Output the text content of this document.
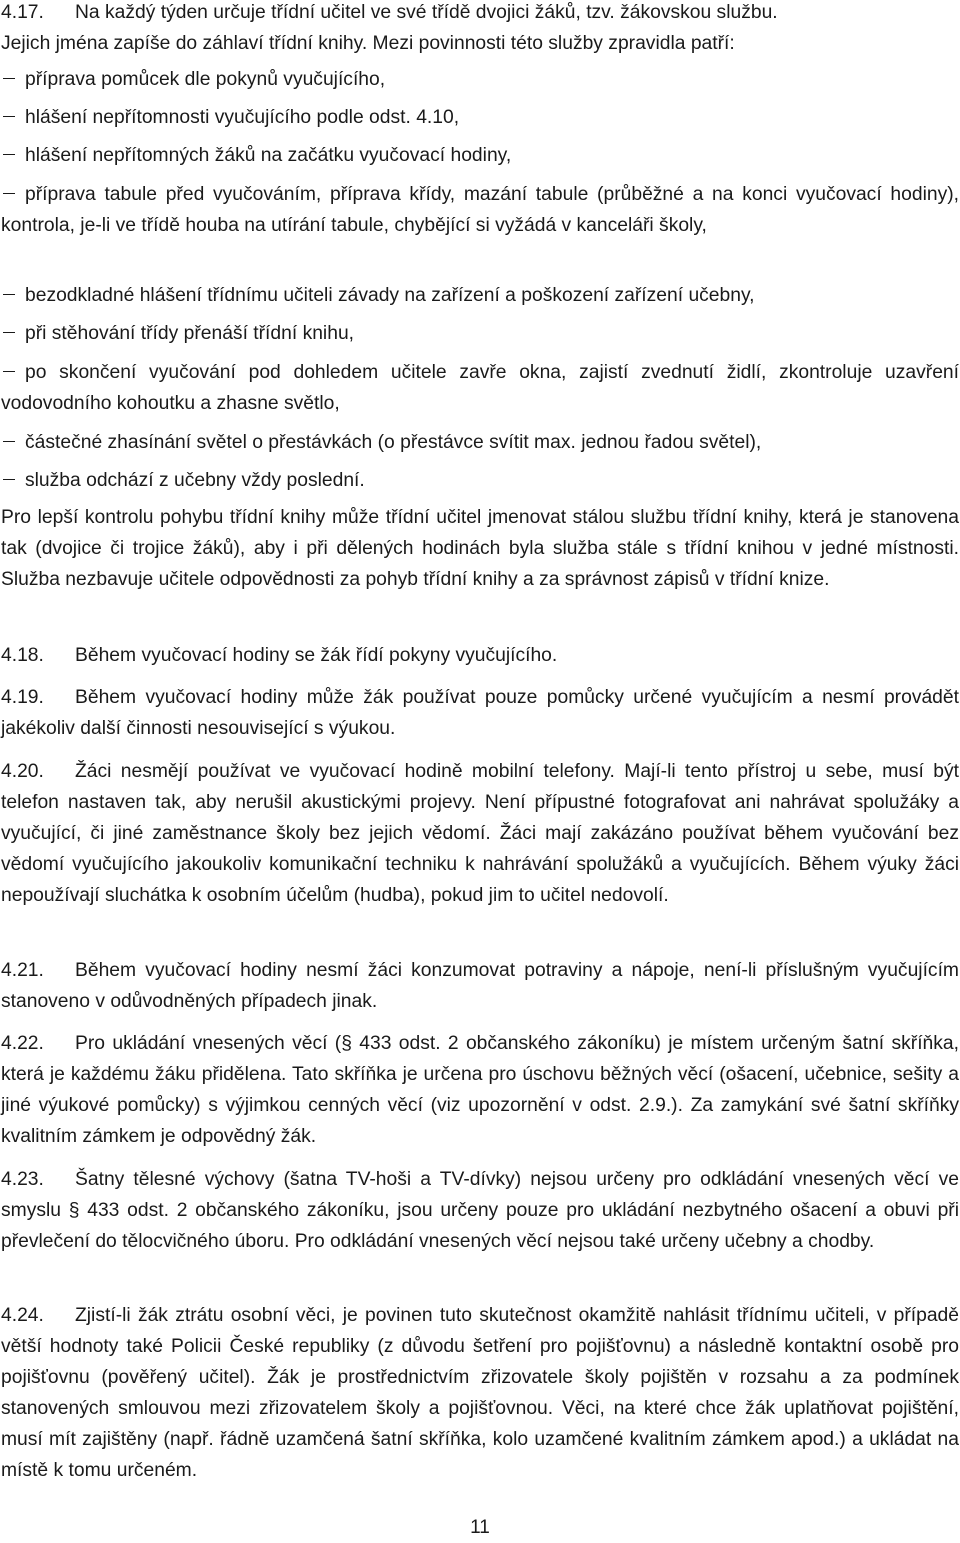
4.17. Na každý týden určuje třídní učitel ve své třídě dvojici žáků, tzv. žákovskou službu.
Jejich jména zapíše do záhlaví třídní knihy. Mezi povinnosti této služby zpravidla patří:
příprava pomůcek dle pokynů vyučujícího,
hlášení nepřítomnosti vyučujícího podle odst. 4.10,
hlášení nepřítomných žáků na začátku vyučovací hodiny,
příprava tabule před vyučováním, příprava křídy, mazání tabule (průběžné a na konci vyučovací hodiny), kontrola, je-li ve třídě houba na utírání tabule, chybějící si vyžádá v kanceláři školy,
bezodkladné hlášení třídnímu učiteli závady na zařízení a poškození zařízení učebny,
při stěhování třídy přenáší třídní knihu,
po skončení vyučování pod dohledem učitele zavře okna, zajistí zvednutí židlí, zkontroluje uzavření vodovodního kohoutku a zhasne světlo,
částečné zhasínání světel o přestávkách (o přestávce svítit max. jednou řadou světel),
služba odchází z učebny vždy poslední.
Pro lepší kontrolu pohybu třídní knihy může třídní učitel jmenovat stálou službu třídní knihy, která je stanovena tak (dvojice či trojice žáků), aby i při dělených hodinách byla služba stále s třídní knihou v jedné místnosti. Služba nezbavuje učitele odpovědnosti za pohyb třídní knihy a za správnost zápisů v třídní knize.
4.18. Během vyučovací hodiny se žák řídí pokyny vyučujícího.
4.19. Během vyučovací hodiny může žák používat pouze pomůcky určené vyučujícím a nesmí provádět jakékoliv další činnosti nesouvisející s výukou.
4.20. Žáci nesmějí používat ve vyučovací hodině mobilní telefony. Mají-li tento přístroj u sebe, musí být telefon nastaven tak, aby nerušil akustickými projevy. Není přípustné fotografovat ani nahrávat spolužáky a vyučující, či jiné zaměstnance školy bez jejich vědomí. Žáci mají zakázáno používat během vyučování bez vědomí vyučujícího jakoukoliv komunikační techniku k nahrávání spolužáků a vyučujících. Během výuky žáci nepoužívají sluchátka k osobním účelům (hudba), pokud jim to učitel nedovolí.
4.21. Během vyučovací hodiny nesmí žáci konzumovat potraviny a nápoje, není-li příslušným vyučujícím stanoveno v odůvodněných případech jinak.
4.22. Pro ukládání vnesených věcí (§ 433 odst. 2 občanského zákoníku) je místem určeným šatní skříňka, která je každému žáku přidělena. Tato skříňka je určena pro úschovu běžných věcí (ošacení, učebnice, sešity a jiné výukové pomůcky) s výjimkou cenných věcí (viz upozornění v odst. 2.9.). Za zamykání své šatní skříňky kvalitním zámkem je odpovědný žák.
4.23. Šatny tělesné výchovy (šatna TV-hoši a TV-dívky) nejsou určeny pro odkládání vnesených věcí ve smyslu § 433 odst. 2 občanského zákoníku, jsou určeny pouze pro ukládání nezbytného ošacení a obuvi při převlečení do tělocvičného úboru. Pro odkládání vnesených věcí nejsou také určeny učebny a chodby.
4.24. Zjistí-li žák ztrátu osobní věci, je povinen tuto skutečnost okamžitě nahlásit třídnímu učiteli, v případě větší hodnoty také Policii České republiky (z důvodu šetření pro pojišťovnu) a následně kontaktní osobě pro pojišťovnu (pověřený učitel). Žák je prostřednictvím zřizovatele školy pojištěn v rozsahu a za podmínek stanovených smlouvou mezi zřizovatelem školy a pojišťovnou. Věci, na které chce žák uplatňovat pojištění, musí mít zajištěny (např. řádně uzamčená šatní skříňka, kolo uzamčené kvalitním zámkem apod.) a ukládat na místě k tomu určeném.
11
